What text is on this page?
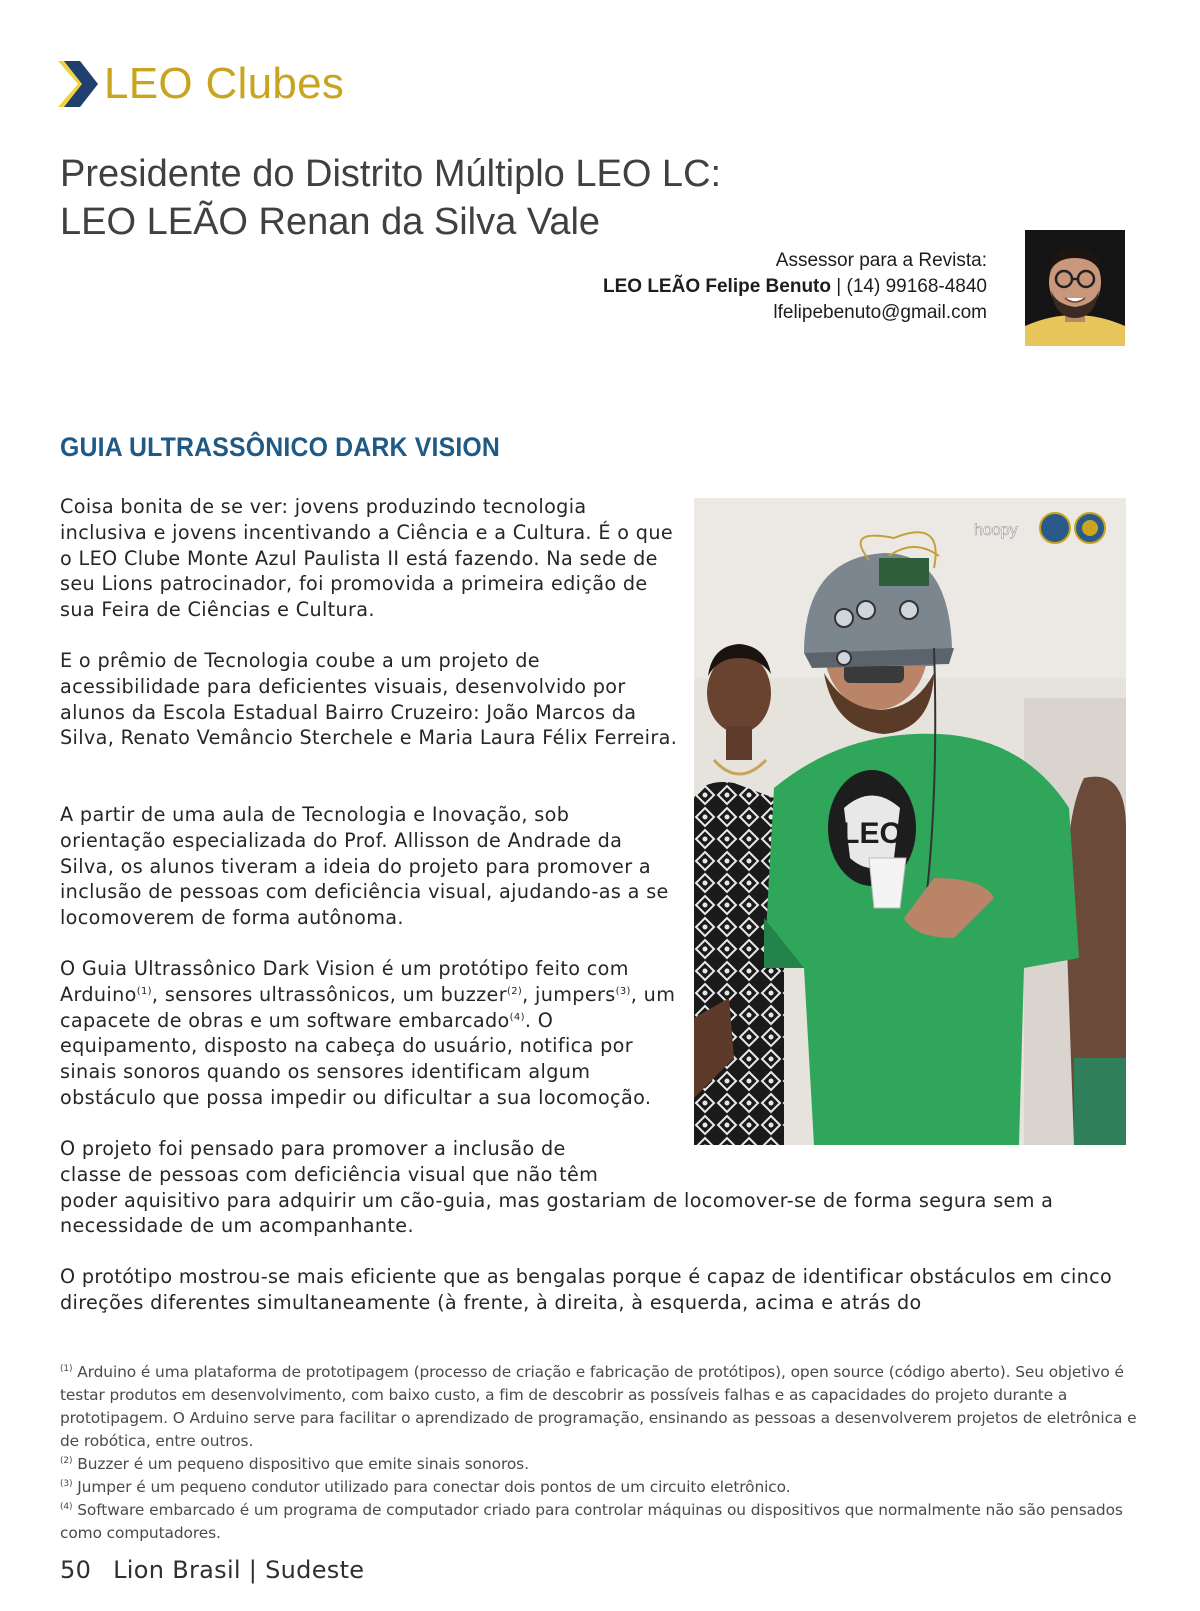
LEO Clubes
Presidente do Distrito Múltiplo LEO LC:
LEO LEÃO Renan da Silva Vale
Assessor para a Revista:
LEO LEÃO Felipe Benuto | (14) 99168-4840
lfelipebenuto@gmail.com
GUIA ULTRASSÔNICO DARK VISION

Coisa bonita de se ver: jovens produzindo tecnologia inclusiva e jovens incentivando a Ciência e a Cultura. É o que o LEO Clube Monte Azul Paulista II está fazendo. Na sede de seu Lions patrocinador, foi promovida a primeira edição de sua Feira de Ciências e Cultura.

E o prêmio de Tecnologia coube a um projeto de acessibilidade para deficientes visuais, desenvolvido por alunos da Escola Estadual Bairro Cruzeiro: João Marcos da Silva, Renato Vemâncio Sterchele e Maria Laura Félix Ferreira.

A partir de uma aula de Tecnologia e Inovação, sob orientação especializada do Prof. Allisson de Andrade da Silva, os alunos tiveram a ideia do projeto para promover a inclusão de pessoas com deficiência visual, ajudando-as a se locomoverem de forma autônoma.

O Guia Ultrassônico Dark Vision é um protótipo feito com Arduino$^{(1)}$, sensores ultrassônicos, um buzzer$^{(2)}$, jumpers$^{(3)}$, um capacete de obras e um software embarcado$^{(4)}$. O equipamento, disposto na cabeça do usuário, notifica por sinais sonoros quando os sensores identificam algum obstáculo que possa impedir ou dificultar a sua locomoção.

O projeto foi pensado para promover a inclusão de
classe de pessoas com deficiência visual que não têm

poder aquisitivo para adquirir um cão-guia, mas gostariam de locomover-se de forma segura sem a necessidade de um acompanhante.

O protótipo mostrou-se mais eficiente que as bengalas porque é capaz de identificar obstáculos em cinco direções diferentes simultaneamente (à frente, à direita, à esquerda, acima e atrás do

LEO
hoopy

$^{(1)}$ Arduino é uma plataforma de prototipagem (processo de criação e fabricação de protótipos), open source (código aberto). Seu objetivo é testar produtos em desenvolvimento, com baixo custo, a fim de descobrir as possíveis falhas e as capacidades do projeto durante a prototipagem. O Arduino serve para facilitar o aprendizado de programação, ensinando as pessoas a desenvolverem projetos de eletrônica e de robótica, entre outros.

$^{(2)}$ Buzzer é um pequeno dispositivo que emite sinais sonoros.

$^{(3)}$ Jumper é um pequeno condutor utilizado para conectar dois pontos de um circuito eletrônico.

$^{(4)}$ Software embarcado é um programa de computador criado para controlar máquinas ou dispositivos que normalmente não são pensados como computadores.

50 Lion Brasil | Sudeste
